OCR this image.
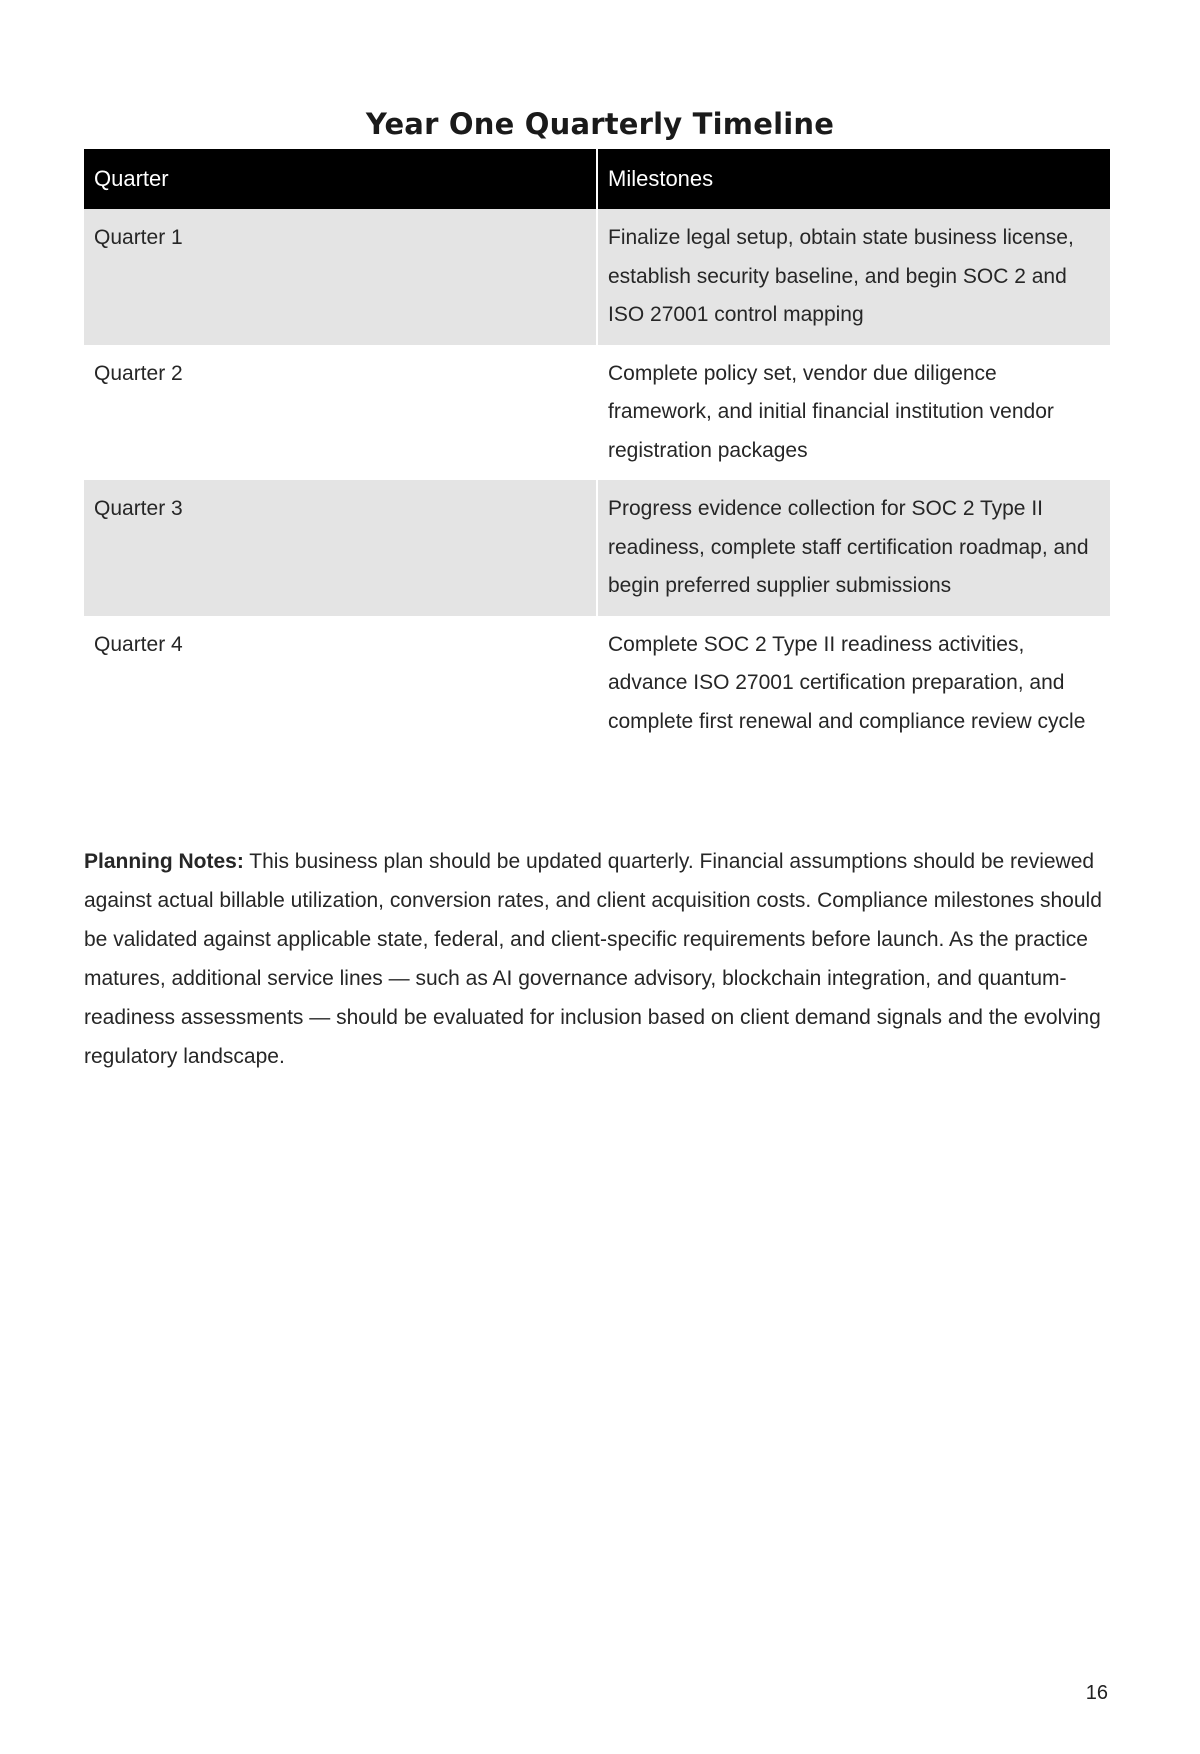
Year One Quarterly Timeline
Quarter	Milestones
Quarter 1	Finalize legal setup, obtain state business license, establish security baseline, and begin SOC 2 and ISO 27001 control mapping
Quarter 2	Complete policy set, vendor due diligence framework, and initial financial institution vendor registration packages
Quarter 3	Progress evidence collection for SOC 2 Type II readiness, complete staff certification roadmap, and begin preferred supplier submissions
Quarter 4	Complete SOC 2 Type II readiness activities, advance ISO 27001 certification preparation, and complete first renewal and compliance review cycle

Planning Notes: This business plan should be updated quarterly. Financial assumptions should be reviewed against actual billable utilization, conversion rates, and client acquisition costs. Compliance milestones should be validated against applicable state, federal, and client-specific requirements before launch. As the practice matures, additional service lines — such as AI governance advisory, blockchain integration, and quantum-readiness assessments — should be evaluated for inclusion based on client demand signals and the evolving regulatory landscape.

16
